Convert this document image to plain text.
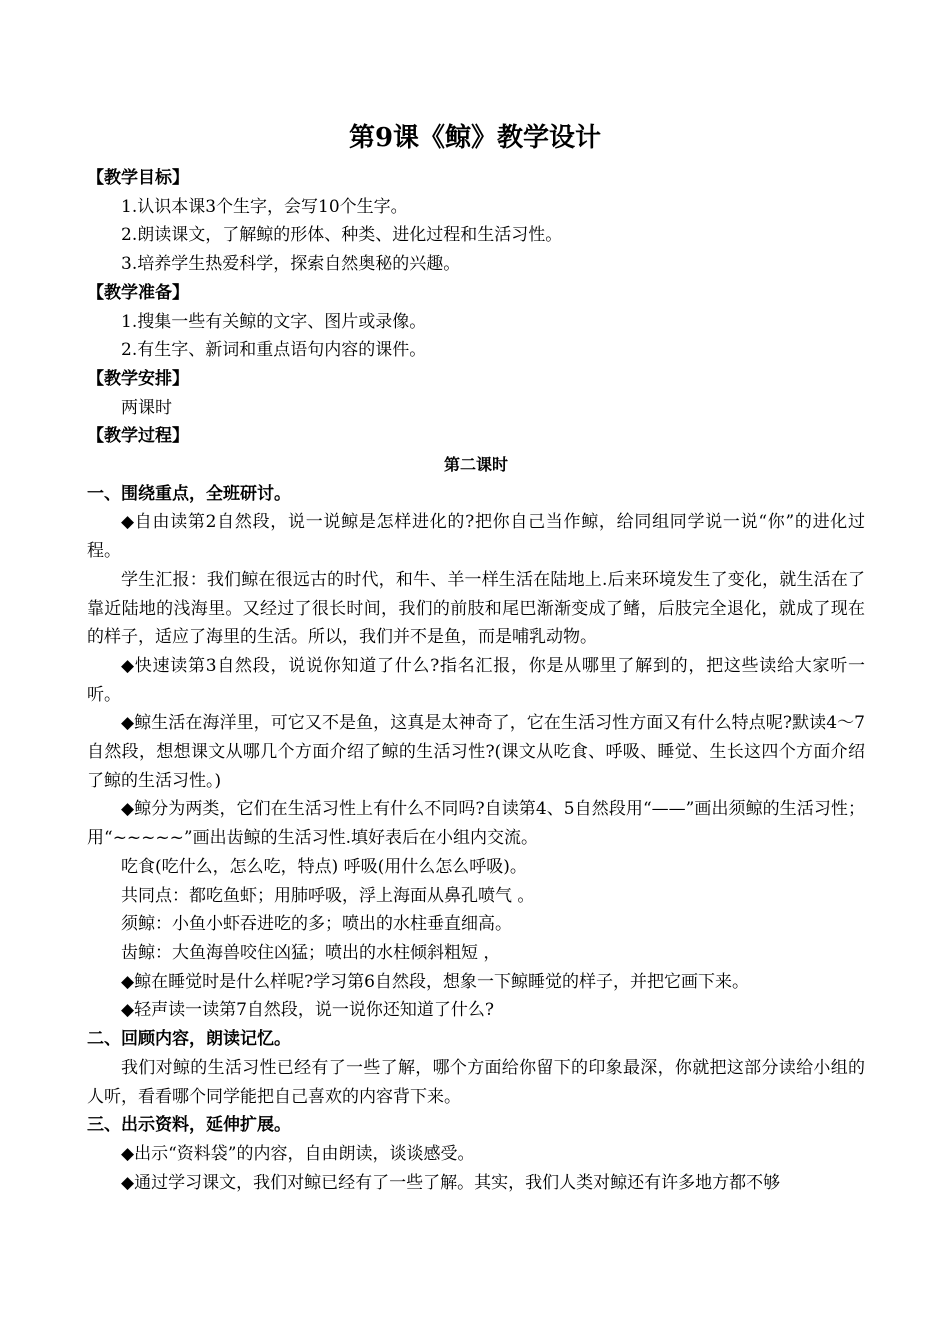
第9课《鲸》教学设计

【教学目标】

1.认识本课3个生字，会写10个生字。

2.朗读课文，了解鲸的形体、种类、进化过程和生活习性。

3.培养学生热爱科学，探索自然奥秘的兴趣。

【教学准备】

1.搜集一些有关鲸的文字、图片或录像。

2.有生字、新词和重点语句内容的课件。

【教学安排】

两课时

【教学过程】

第二课时

一、围绕重点，全班研讨。

◆自由读第2自然段，说一说鲸是怎样进化的?把你自己当作鲸，给同组同学说一说“你”的进化过程。

学生汇报：我们鲸在很远古的时代，和牛、羊一样生活在陆地上.后来环境发生了变化，就生活在了靠近陆地的浅海里。又经过了很长时间，我们的前肢和尾巴渐渐变成了鳍，后肢完全退化，就成了现在的样子，适应了海里的生活。所以，我们并不是鱼，而是哺乳动物。

◆快速读第3自然段，说说你知道了什么?指名汇报，你是从哪里了解到的，把这些读给大家听一听。

◆鲸生活在海洋里，可它又不是鱼，这真是太神奇了，它在生活习性方面又有什么特点呢?默读4～7自然段，想想课文从哪几个方面介绍了鲸的生活习性?(课文从吃食、呼吸、睡觉、生长这四个方面介绍了鲸的生活习性。)

◆鲸分为两类，它们在生活习性上有什么不同吗?自读第4、5自然段用“——”画出须鲸的生活习性；用“~~~~~”画出齿鲸的生活习性.填好表后在小组内交流。

吃食(吃什么，怎么吃，特点) 呼吸(用什么怎么呼吸)。

共同点：都吃鱼虾；用肺呼吸，浮上海面从鼻孔喷气 。

须鲸：小鱼小虾吞进吃的多；喷出的水柱垂直细高。

齿鲸：大鱼海兽咬住凶猛；喷出的水柱倾斜粗短 ，

◆鲸在睡觉时是什么样呢?学习第6自然段，想象一下鲸睡觉的样子，并把它画下来。

◆轻声读一读第7自然段，说一说你还知道了什么?

二、回顾内容，朗读记忆。

我们对鲸的生活习性已经有了一些了解，哪个方面给你留下的印象最深，你就把这部分读给小组的人听，看看哪个同学能把自己喜欢的内容背下来。

三、出示资料，延伸扩展。

◆出示“资料袋”的内容，自由朗读，谈谈感受。

◆通过学习课文，我们对鲸已经有了一些了解。其实，我们人类对鲸还有许多地方都不够
